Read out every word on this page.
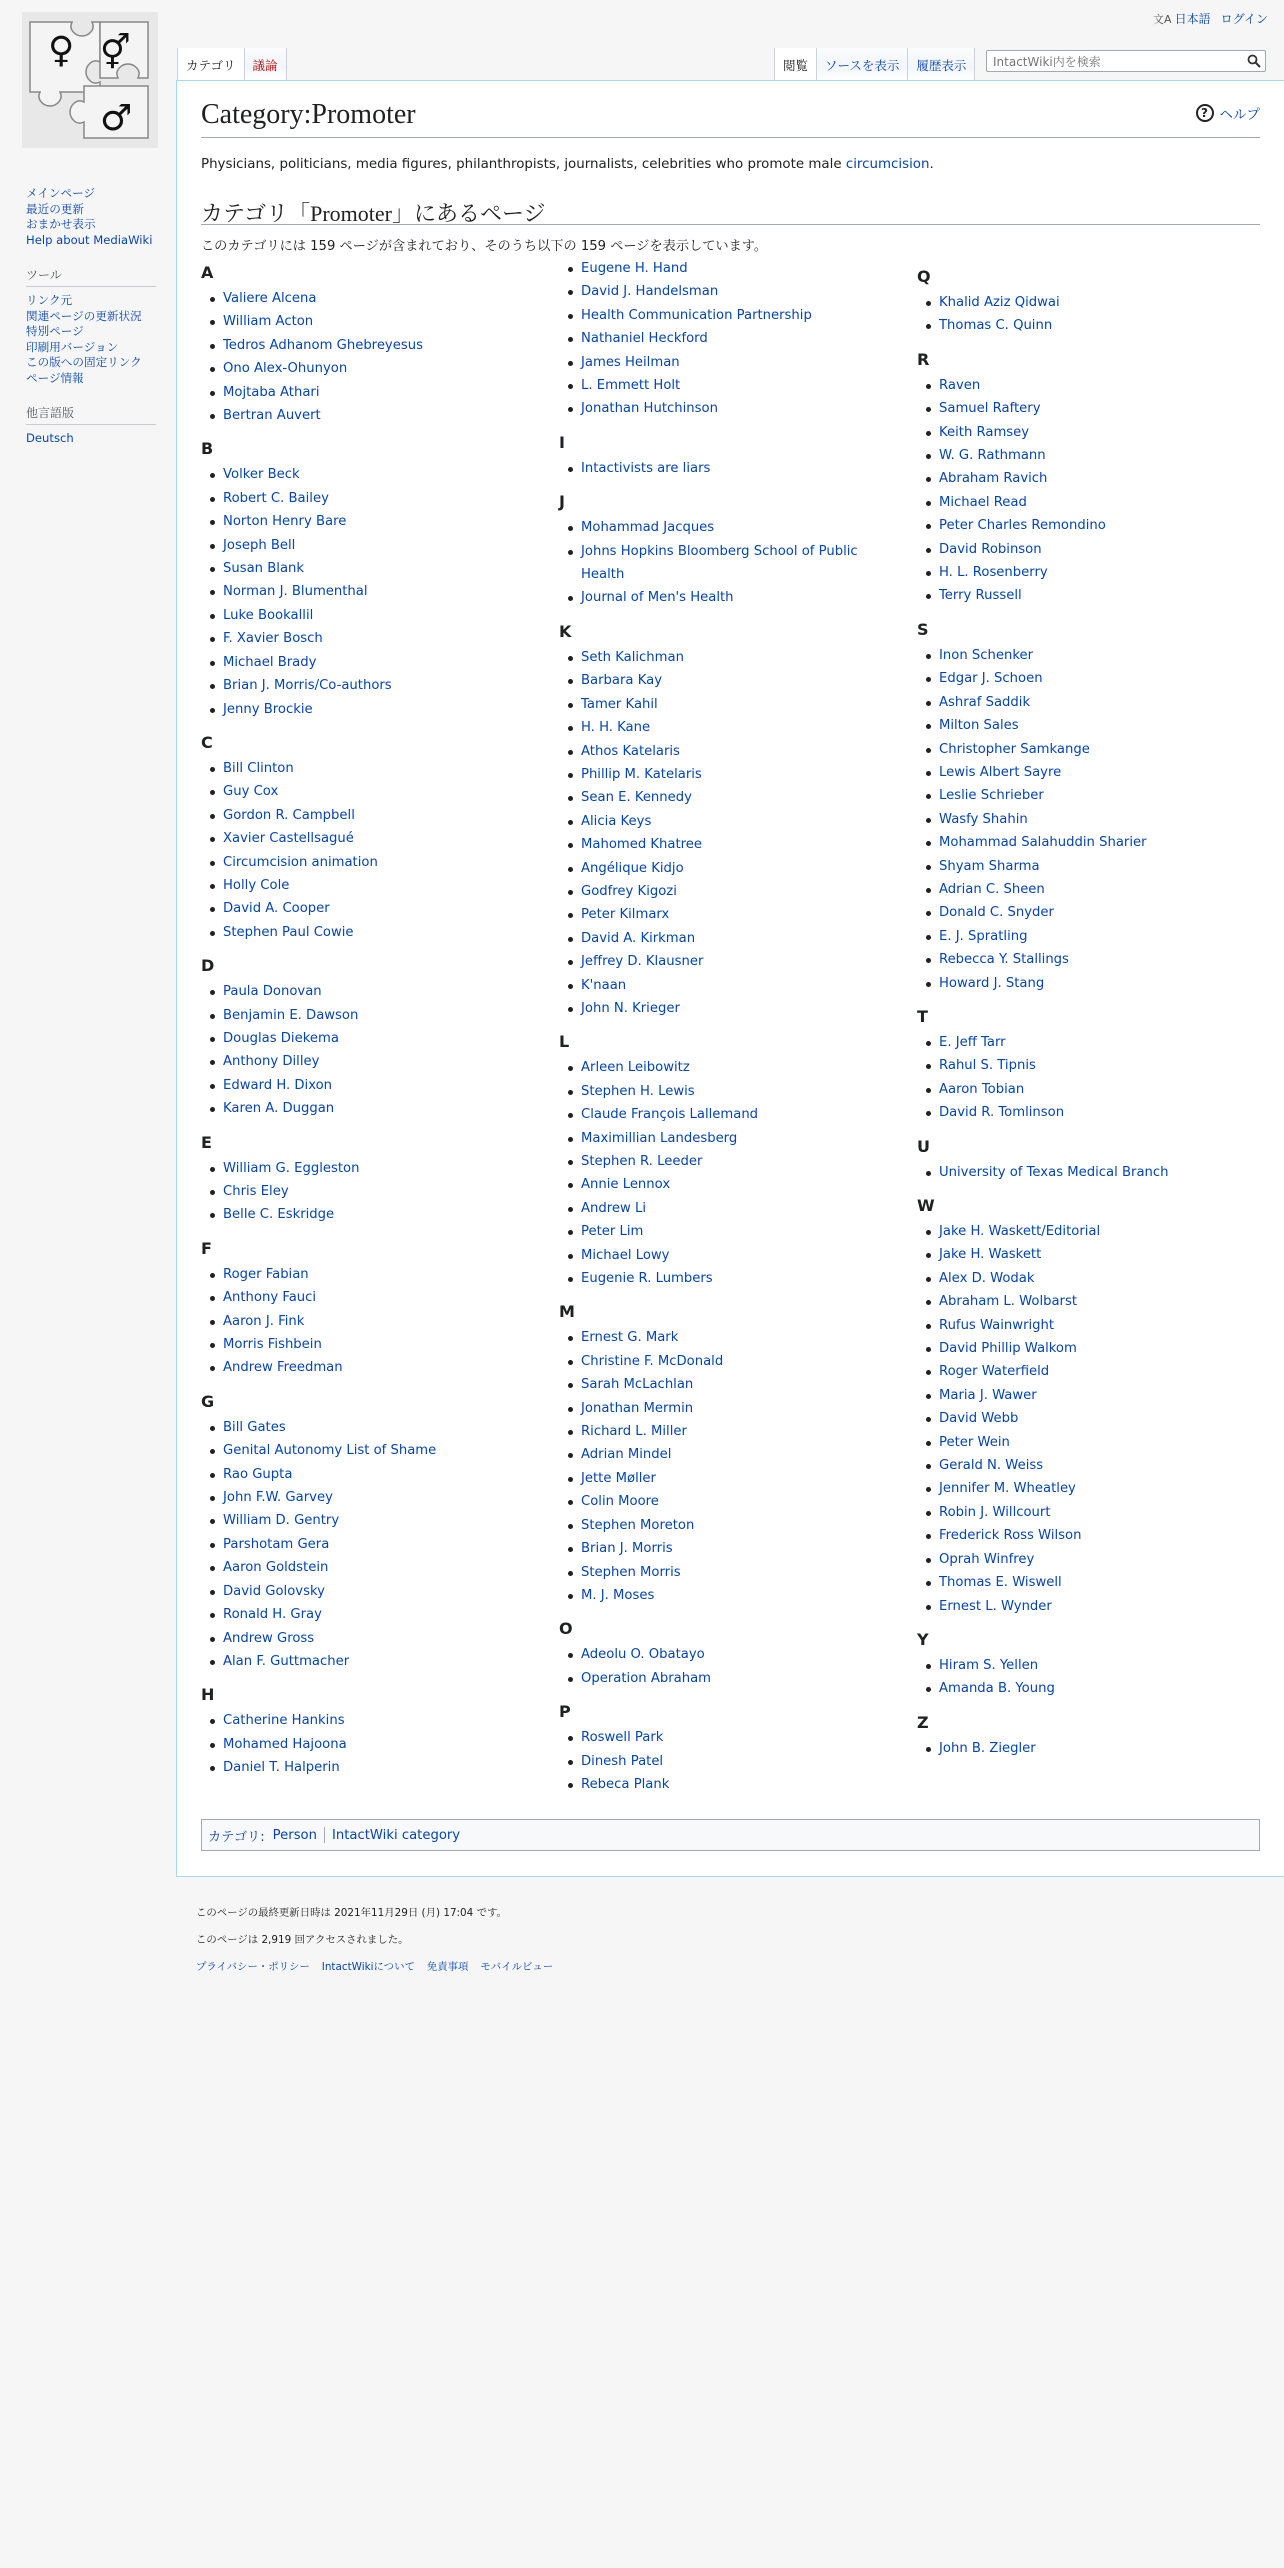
♀ ⚥
♂
文A 日本語 ログイン
メインページ
最近の更新
おまかせ表示
Help about MediaWiki
ツール
リンク元
関連ページの更新状況
特別ページ
印刷用バージョン
この版への固定リンク
ページ情報
他言語版
Deutsch
カテゴリ	議論	閲覧	ソースを表示	履歴表示
IntactWiki内を検索
Category:Promoter	? ヘルプ
Physicians, politicians, media figures, philanthropists, journalists, celebrities who promote male circumcision.
カテゴリ「Promoter」にあるページ
このカテゴリには 159 ページが含まれており、そのうち以下の 159 ページを表示しています。
A
Valiere Alcena
William Acton
Tedros Adhanom Ghebreyesus
Ono Alex-Ohunyon
Mojtaba Athari
Bertran Auvert
B
Volker Beck
Robert C. Bailey
Norton Henry Bare
Joseph Bell
Susan Blank
Norman J. Blumenthal
Luke Bookallil
F. Xavier Bosch
Michael Brady
Brian J. Morris/Co-authors
Jenny Brockie
C
Bill Clinton
Guy Cox
Gordon R. Campbell
Xavier Castellsagué
Circumcision animation
Holly Cole
David A. Cooper
Stephen Paul Cowie
D
Paula Donovan
Benjamin E. Dawson
Douglas Diekema
Anthony Dilley
Edward H. Dixon
Karen A. Duggan
E
William G. Eggleston
Chris Eley
Belle C. Eskridge
F
Roger Fabian
Anthony Fauci
Aaron J. Fink
Morris Fishbein
Andrew Freedman
G
Bill Gates
Genital Autonomy List of Shame
Rao Gupta
John F.W. Garvey
William D. Gentry
Parshotam Gera
Aaron Goldstein
David Golovsky
Ronald H. Gray
Andrew Gross
Alan F. Guttmacher
H
Catherine Hankins
Mohamed Hajoona
Daniel T. Halperin
Eugene H. Hand
David J. Handelsman
Health Communication Partnership
Nathaniel Heckford
James Heilman
L. Emmett Holt
Jonathan Hutchinson
I
Intactivists are liars
J
Mohammad Jacques
Johns Hopkins Bloomberg School of Public Health
Journal of Men's Health
K
Seth Kalichman
Barbara Kay
Tamer Kahil
H. H. Kane
Athos Katelaris
Phillip M. Katelaris
Sean E. Kennedy
Alicia Keys
Mahomed Khatree
Angélique Kidjo
Godfrey Kigozi
Peter Kilmarx
David A. Kirkman
Jeffrey D. Klausner
K'naan
John N. Krieger
L
Arleen Leibowitz
Stephen H. Lewis
Claude François Lallemand
Maximillian Landesberg
Stephen R. Leeder
Annie Lennox
Andrew Li
Peter Lim
Michael Lowy
Eugenie R. Lumbers
M
Ernest G. Mark
Christine F. McDonald
Sarah McLachlan
Jonathan Mermin
Richard L. Miller
Adrian Mindel
Jette Møller
Colin Moore
Stephen Moreton
Brian J. Morris
Stephen Morris
M. J. Moses
O
Adeolu O. Obatayo
Operation Abraham
P
Roswell Park
Dinesh Patel
Rebeca Plank
Q
Khalid Aziz Qidwai
Thomas C. Quinn
R
Raven
Samuel Raftery
Keith Ramsey
W. G. Rathmann
Abraham Ravich
Michael Read
Peter Charles Remondino
David Robinson
H. L. Rosenberry
Terry Russell
S
Inon Schenker
Edgar J. Schoen
Ashraf Saddik
Milton Sales
Christopher Samkange
Lewis Albert Sayre
Leslie Schrieber
Wasfy Shahin
Mohammad Salahuddin Sharier
Shyam Sharma
Adrian C. Sheen
Donald C. Snyder
E. J. Spratling
Rebecca Y. Stallings
Howard J. Stang
T
E. Jeff Tarr
Rahul S. Tipnis
Aaron Tobian
David R. Tomlinson
U
University of Texas Medical Branch
W
Jake H. Waskett/Editorial
Jake H. Waskett
Alex D. Wodak
Abraham L. Wolbarst
Rufus Wainwright
David Phillip Walkom
Roger Waterfield
Maria J. Wawer
David Webb
Peter Wein
Gerald N. Weiss
Jennifer M. Wheatley
Robin J. Willcourt
Frederick Ross Wilson
Oprah Winfrey
Thomas E. Wiswell
Ernest L. Wynder
Y
Hiram S. Yellen
Amanda B. Young
Z
John B. Ziegler
カテゴリ: Person IntactWiki category

このページの最終更新日時は 2021年11月29日 (月) 17:04 です。

このページは 2,919 回アクセスされました。

プライバシー・ポリシー IntactWikiについて 免責事項 モバイルビュー
